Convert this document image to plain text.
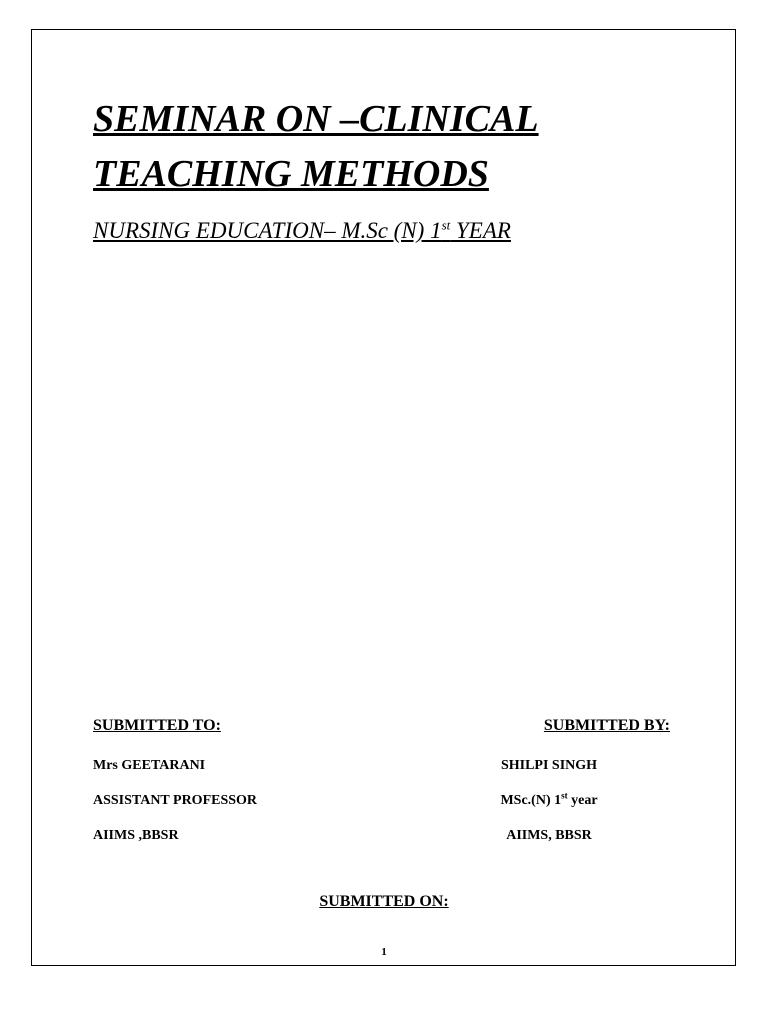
SEMINAR ON –CLINICAL
TEACHING METHODS

NURSING EDUCATION– M.Sc (N) 1st YEAR

SUBMITTED TO:
Mrs GEETARANI
ASSISTANT PROFESSOR
AIIMS ,BBSR
SUBMITTED BY:
SHILPI SINGH
MSc.(N) 1st year
AIIMS, BBSR
SUBMITTED ON:
1
